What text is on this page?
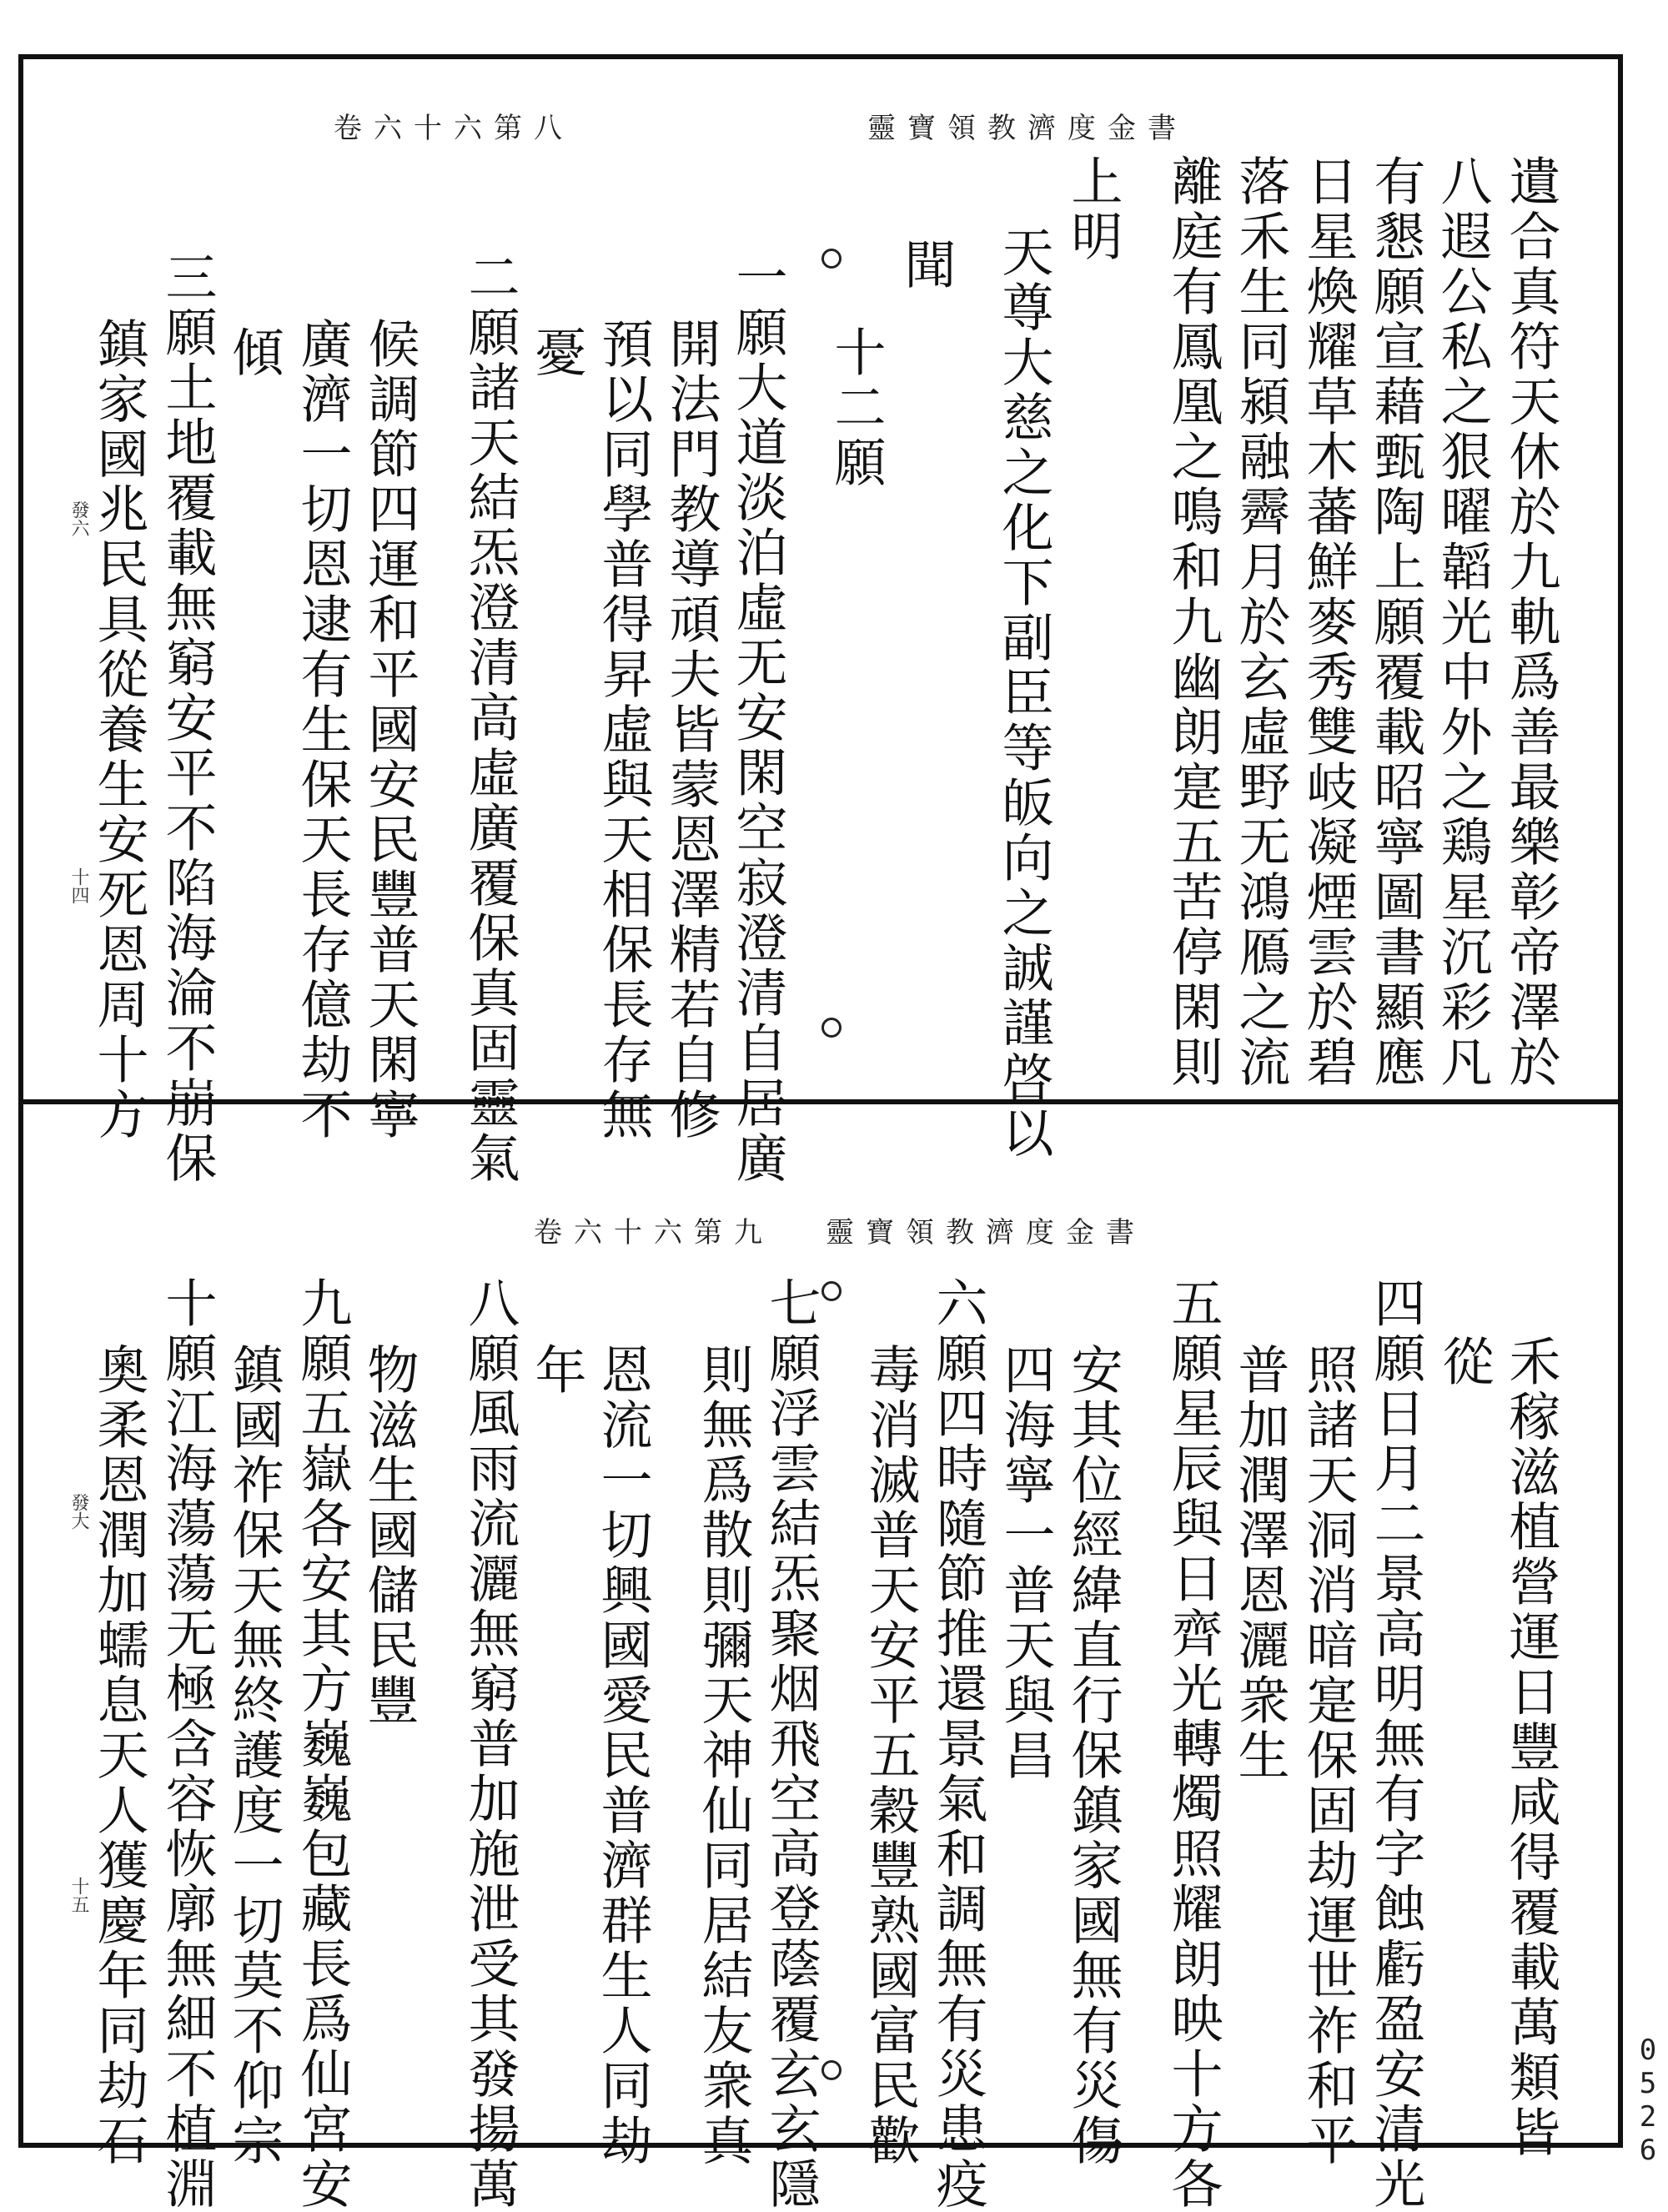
靈寶領教濟度金書
卷六十六第八
遺合真符天休於九軌爲善最樂彰帝澤於
八遐公私之狠曜韜光中外之鶏星沉彩凡
有懇願宣藉甄陶上願覆載昭寧圖書顯應
日星煥耀草木蕃鮮麥秀雙岐凝煙雲於碧
落禾生同潁融霽月於玄虛野无鴻鴈之流
離庭有鳳凰之鳴和九幽朗寔五苦停閑則
上明
天尊大慈之化下副臣等皈向之誠謹啓以
聞
十二願
一願大道淡泊虛无安閑空寂澄清自居廣
開法門教導頑夫皆蒙恩澤精若自修
預以同學普得昇虛與天相保長存無
憂
二願諸天結炁澄清高虛廣覆保真固靈氣
候調節四運和平國安民豐普天閑寧
廣濟一切恩逮有生保天長存億劫不
傾
三願土地覆載無窮安平不陷海淪不崩保
鎮家國兆民具從養生安死恩周十方
發六
十四
靈寶領教濟度金書
卷六十六第九
禾稼滋植營運日豐咸得覆載萬類皆
從
四願日月二景高明無有字蝕虧盈安清光
照諸天洞消暗寔保固劫運世祚和平
普加潤澤恩灑衆生
五願星辰與日齊光轉燭照耀朗映十方各
安其位經緯直行保鎮家國無有災傷
四海寧一普天與昌
六願四時隨節推還景氣和調無有災患疫
毒消滅普天安平五穀豐熟國富民歡
七願浮雲結炁聚烟飛空高登蔭覆玄玄隱
則無爲散則彌天神仙同居結友衆真
恩流一切興國愛民普濟群生人同劫
年
八願風雨流灑無窮普加施泄受其發揚萬
物滋生國儲民豐
九願五嶽各安其方巍巍包藏長爲仙宮安
鎮國祚保天無終護度一切莫不仰宗
十願江海蕩蕩无極含容恢廓無細不植淵
奧柔恩潤加蠕息天人獲慶年同劫石
發大
十五
0526
